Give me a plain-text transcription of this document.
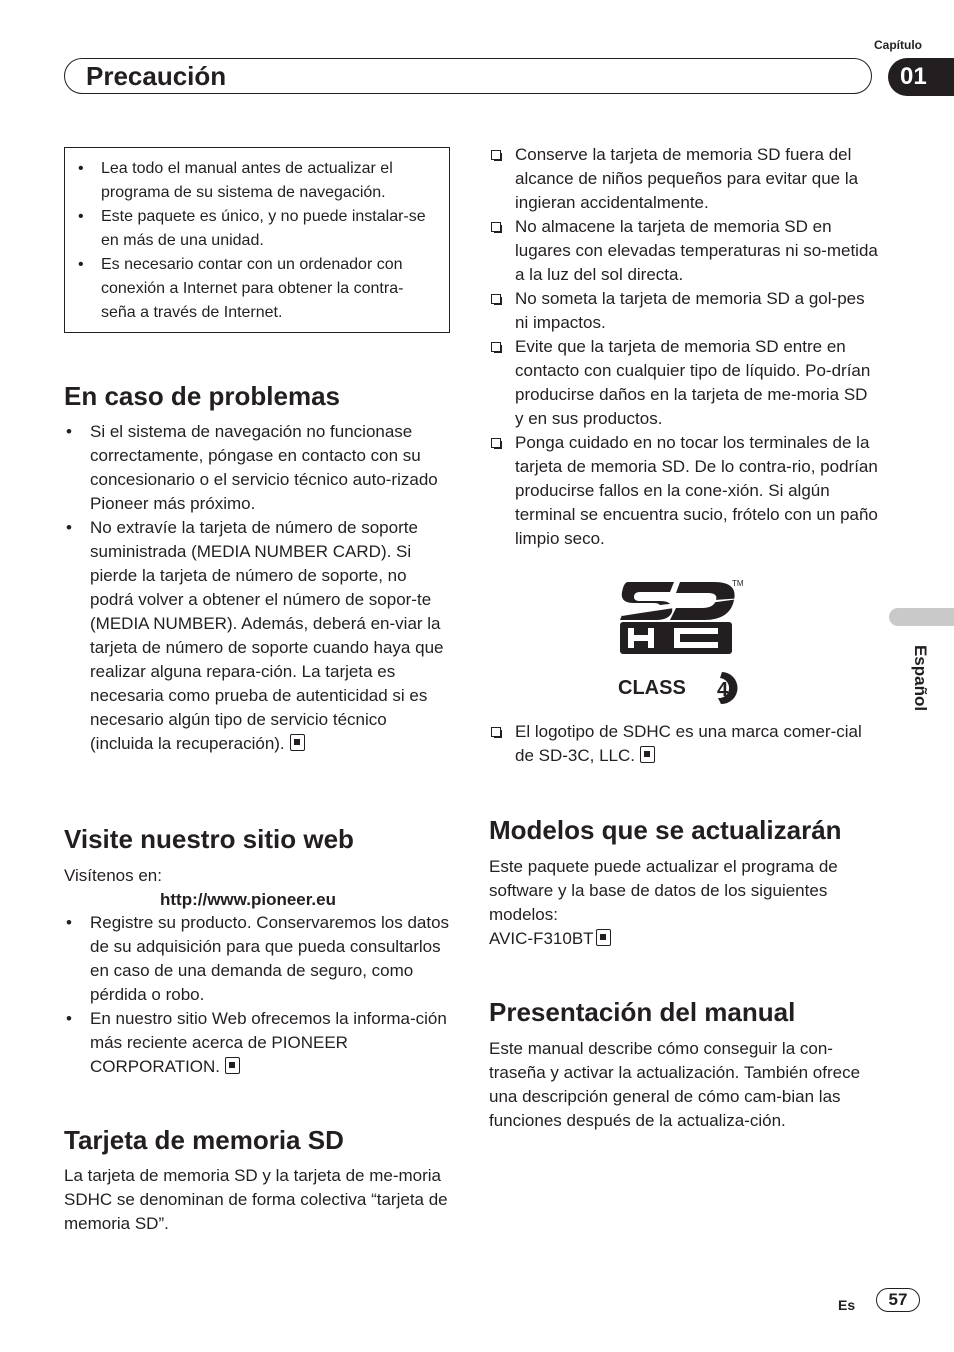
Capítulo
Precaución	01
Español
• Lea todo el manual antes de actualizar el programa de su sistema de navegación.
• Este paquete es único, y no puede instalar-se en más de una unidad.
• Es necesario contar con un ordenador con conexión a Internet para obtener la contra-seña a través de Internet.
En caso de problemas
• Si el sistema de navegación no funcionase correctamente, póngase en contacto con su concesionario o el servicio técnico auto-rizado Pioneer más próximo.
• No extravíe la tarjeta de número de soporte suministrada (MEDIA NUMBER CARD). Si pierde la tarjeta de número de soporte, no podrá volver a obtener el número de sopor-te (MEDIA NUMBER). Además, deberá en-viar la tarjeta de número de soporte cuando haya que realizar alguna repara-ción. La tarjeta es necesaria como prueba de autenticidad si es necesario algún tipo de servicio técnico (incluida la recuperación).
Visite nuestro sitio web

Visítenos en:

http://www.pioneer.eu
• Registre su producto. Conservaremos los datos de su adquisición para que pueda consultarlos en caso de una demanda de seguro, como pérdida o robo.
• En nuestro sitio Web ofrecemos la informa-ción más reciente acerca de PIONEER CORPORATION.
Tarjeta de memoria SD

La tarjeta de memoria SD y la tarjeta de me-moria SDHC se denominan de forma colectiva “tarjeta de memoria SD”.

Conserve la tarjeta de memoria SD fuera del alcance de niños pequeños para evitar que la ingieran accidentalmente.
No almacene la tarjeta de memoria SD en lugares con elevadas temperaturas ni so-metida a la luz del sol directa.
No someta la tarjeta de memoria SD a gol-pes ni impactos.
Evite que la tarjeta de memoria SD entre en contacto con cualquier tipo de líquido. Po-drían producirse daños en la tarjeta de me-moria SD y en sus productos.
Ponga cuidado en no tocar los terminales de la tarjeta de memoria SD. De lo contra-rio, podrían producirse fallos en la cone-xión. Si algún terminal se encuentra sucio, frótelo con un paño limpio seco.
TM
CLASS 4
El logotipo de SDHC es una marca comer-cial de SD-3C, LLC.
Modelos que se actualizarán

Este paquete puede actualizar el programa de software y la base de datos de los siguientes modelos:

AVIC-F310BT

Presentación del manual

Este manual describe cómo conseguir la con-traseña y activar la actualización. También ofrece una descripción general de cómo cam-bian las funciones después de la actualiza-ción.

Es	57
